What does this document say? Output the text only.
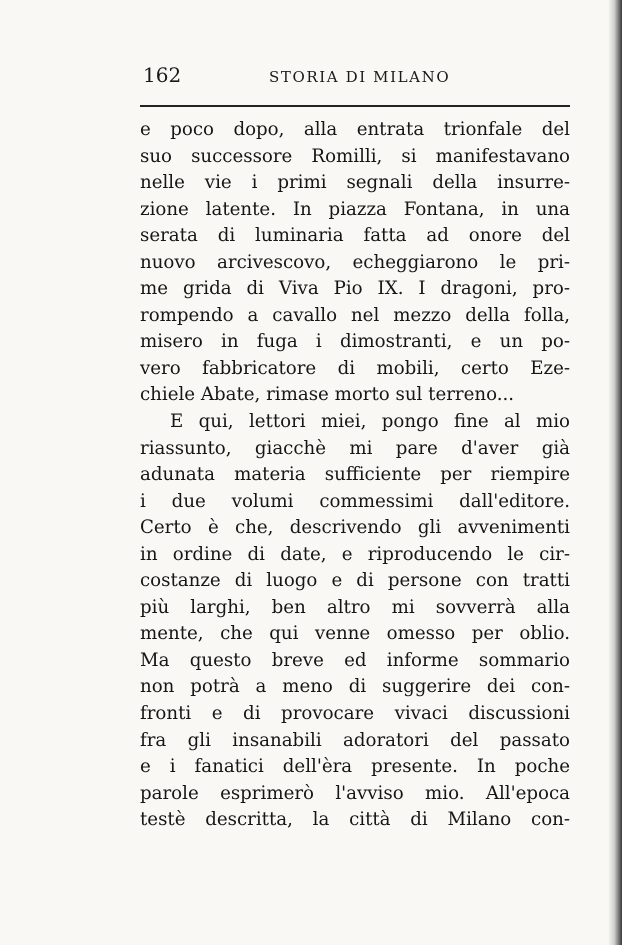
162	STORIA DI MILANO
e poco dopo, alla entrata trionfale del
suo successore Romilli, si manifestavano
nelle vie i primi segnali della insurre-
zione latente. In piazza Fontana, in una
serata di luminaria fatta ad onore del
nuovo arcivescovo, echeggiarono le pri-
me grida di Viva Pio IX. I dragoni, pro-
rompendo a cavallo nel mezzo della folla,
misero in fuga i dimostranti, e un po-
vero fabbricatore di mobili, certo Eze-
chiele Abate, rimase morto sul terreno...
E qui, lettori miei, pongo fine al mio
riassunto, giacchè mi pare d'aver già
adunata materia sufficiente per riempire
i due volumi commessimi dall'editore.
Certo è che, descrivendo gli avvenimenti
in ordine di date, e riproducendo le cir-
costanze di luogo e di persone con tratti
più larghi, ben altro mi sovverrà alla
mente, che qui venne omesso per oblio.
Ma questo breve ed informe sommario
non potrà a meno di suggerire dei con-
fronti e di provocare vivaci discussioni
fra gli insanabili adoratori del passato
e i fanatici dell'èra presente. In poche
parole esprimerò l'avviso mio. All'epoca
testè descritta, la città di Milano con-
